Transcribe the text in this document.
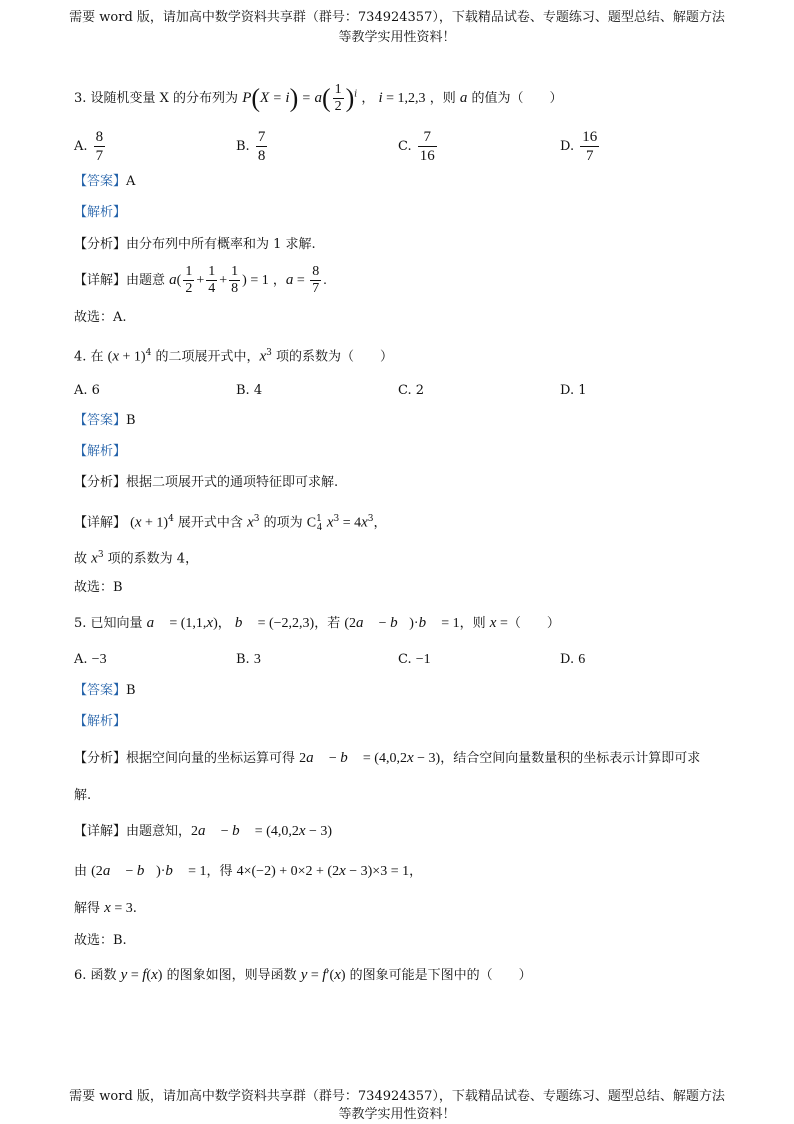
需要 word 版，请加高中数学资料共享群（群号：734924357），下载精品试卷、专题练习、题型总结、解题方法
等教学实用性资料！
3. 设随机变量 X 的分布列为 $P(X = i) = a( \frac{1}{2} )^i$ ， i = 1,2,3 ，则 a 的值为（　　）
A. $\frac{8}{7}$	B. $\frac{7}{8}$	C. $\frac{7}{16}$	D. $\frac{16}{7}$
【答案】A
【解析】
【分析】由分布列中所有概率和为 1 求解.
【详解】由题意 $a( \frac{1}{2} + \frac{1}{4} + \frac{1}{8}$ ) = 1 ，$a = \frac{8}{7}$ .
故选：A.
4. 在 $(x + 1)^4$ 的二项展开式中，$x^3$ 项的系数为（　　）
A. 6	B. 4	C. 2	D. 1
【答案】B
【解析】
【分析】根据二项展开式的通项特征即可求解.
【详解】 $(x + 1)^4$ 展开式中含 $x^3$ 的项为 $C^1_4$ $x^3 = 4x^3$，
故 $x^3$ 项的系数为 4，
故选：B
5. 已知向量 a⃗ = (1,1,x)， b⃗ = (−2,2,3)，若 (2a⃗ − b⃗)·b⃗ = 1，则 x =（　　）
A. −3	B. 3	C. −1	D. 6
【答案】B
【解析】
【分析】根据空间向量的坐标运算可得 2a⃗ − b⃗ = (4,0,2x − 3)，结合空间向量数量积的坐标表示计算即可求
解.
【详解】由题意知，2a⃗ − b⃗ = (4,0,2x − 3)
由 (2a⃗ − b⃗)·b⃗ = 1，得 4×(−2) + 0×2 + (2x − 3)×3 = 1，
解得 x = 3.
故选：B.
6. 函数 y = f(x) 的图象如图，则导函数 y = f′(x) 的图象可能是下图中的（　　）
需要 word 版，请加高中数学资料共享群（群号：734924357），下载精品试卷、专题练习、题型总结、解题方法
等教学实用性资料！
